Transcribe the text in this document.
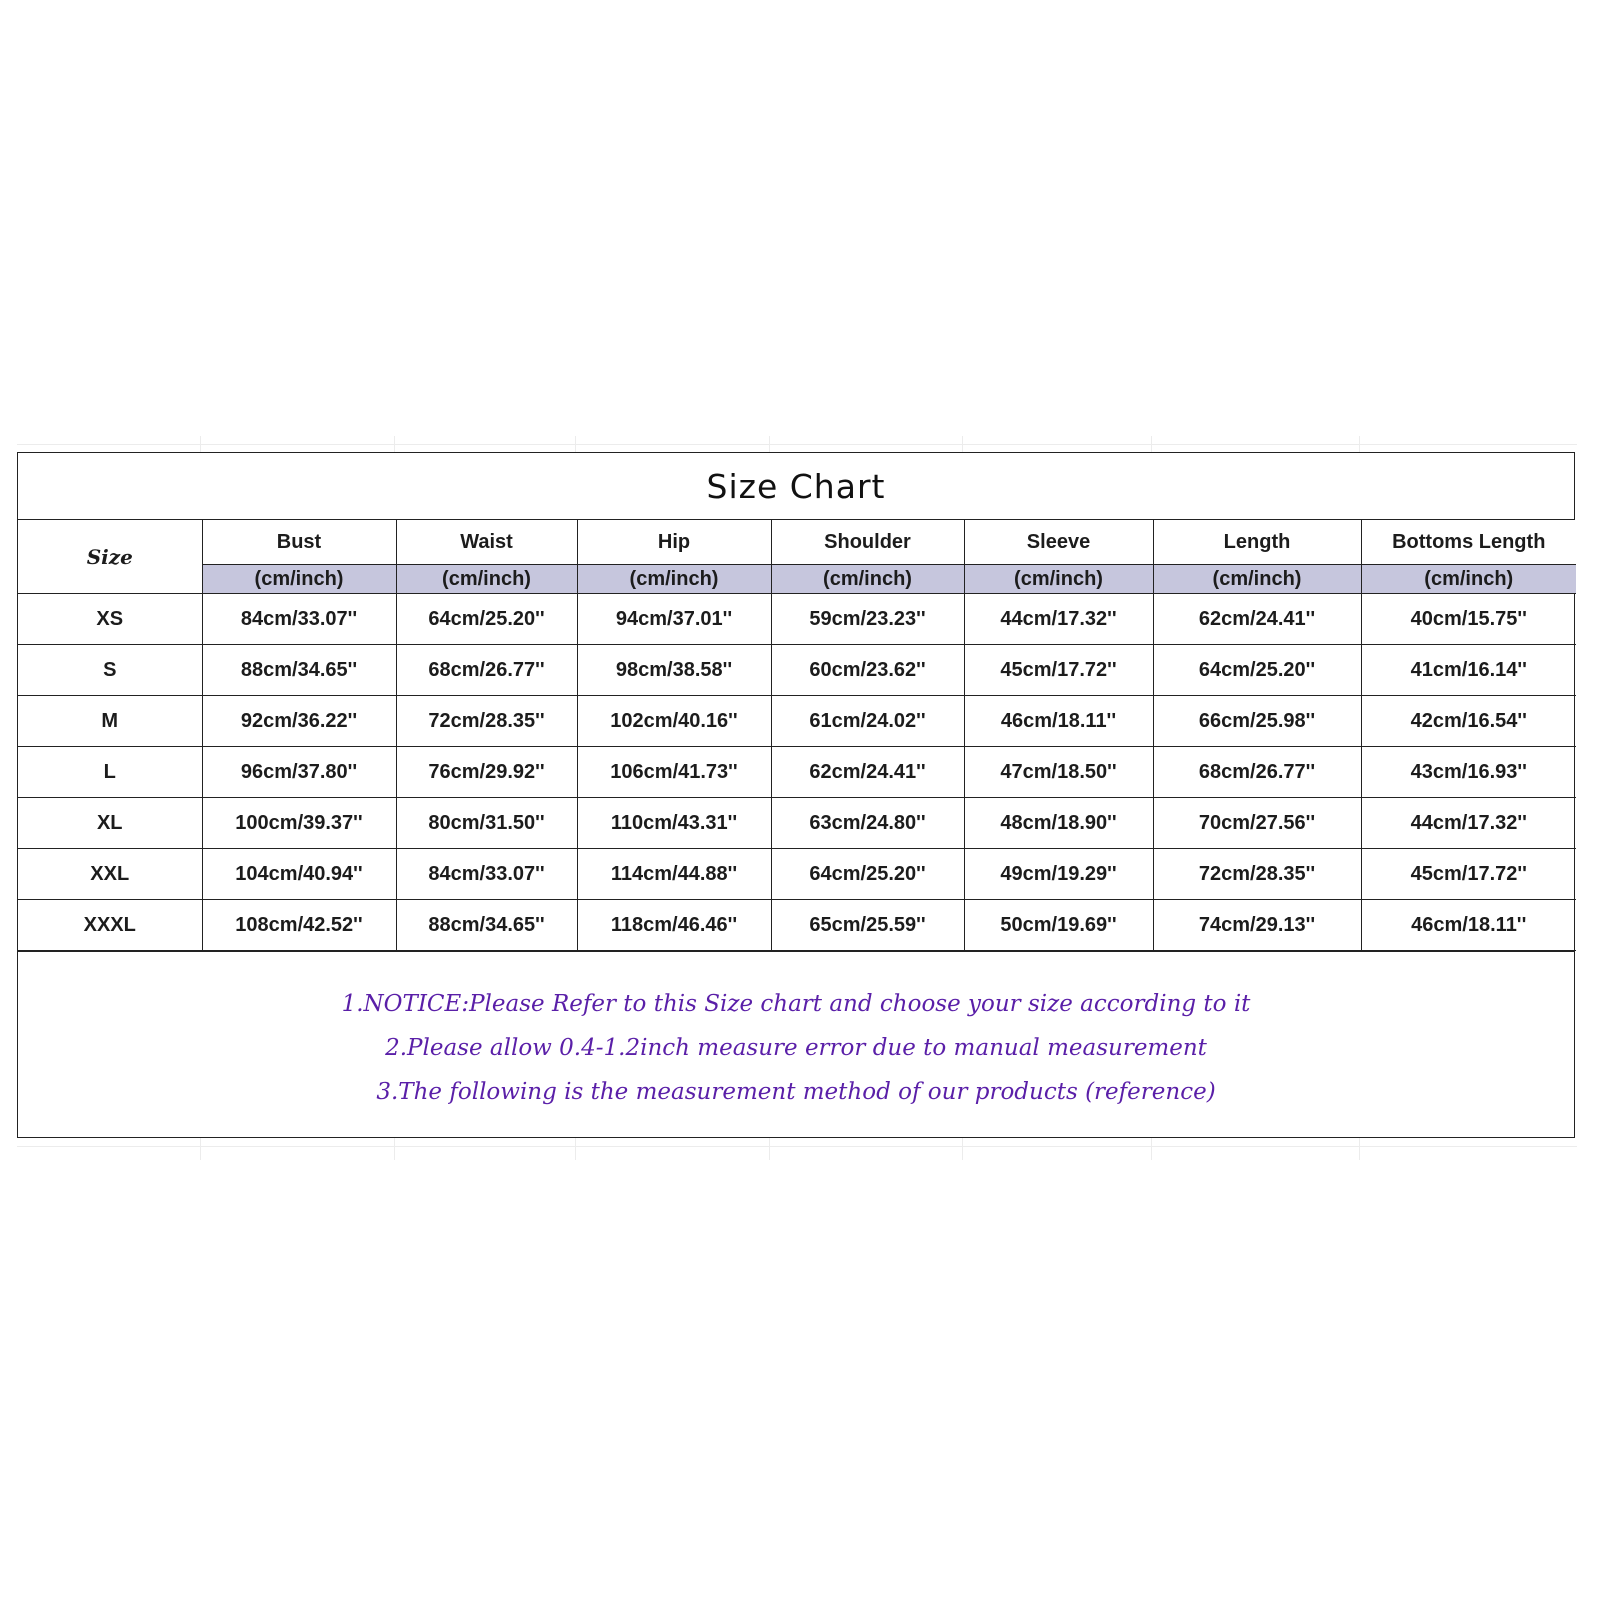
Size Chart
Size	Bust	Waist	Hip	Shoulder	Sleeve	Length	Bottoms Length
	(cm/inch)	(cm/inch)	(cm/inch)	(cm/inch)	(cm/inch)	(cm/inch)	(cm/inch)
XS	84cm/33.07''	64cm/25.20''	94cm/37.01''	59cm/23.23''	44cm/17.32''	62cm/24.41''	40cm/15.75''
S	88cm/34.65''	68cm/26.77''	98cm/38.58''	60cm/23.62''	45cm/17.72''	64cm/25.20''	41cm/16.14''
M	92cm/36.22''	72cm/28.35''	102cm/40.16''	61cm/24.02''	46cm/18.11''	66cm/25.98''	42cm/16.54''
L	96cm/37.80''	76cm/29.92''	106cm/41.73''	62cm/24.41''	47cm/18.50''	68cm/26.77''	43cm/16.93''
XL	100cm/39.37''	80cm/31.50''	110cm/43.31''	63cm/24.80''	48cm/18.90''	70cm/27.56''	44cm/17.32''
XXL	104cm/40.94''	84cm/33.07''	114cm/44.88''	64cm/25.20''	49cm/19.29''	72cm/28.35''	45cm/17.72''
XXXL	108cm/42.52''	88cm/34.65''	118cm/46.46''	65cm/25.59''	50cm/19.69''	74cm/29.13''	46cm/18.11''
1.NOTICE:Please Refer to this Size chart and choose your size according to it
2.Please allow 0.4-1.2inch measure error due to manual measurement
3.The following is the measurement method of our products (reference)
